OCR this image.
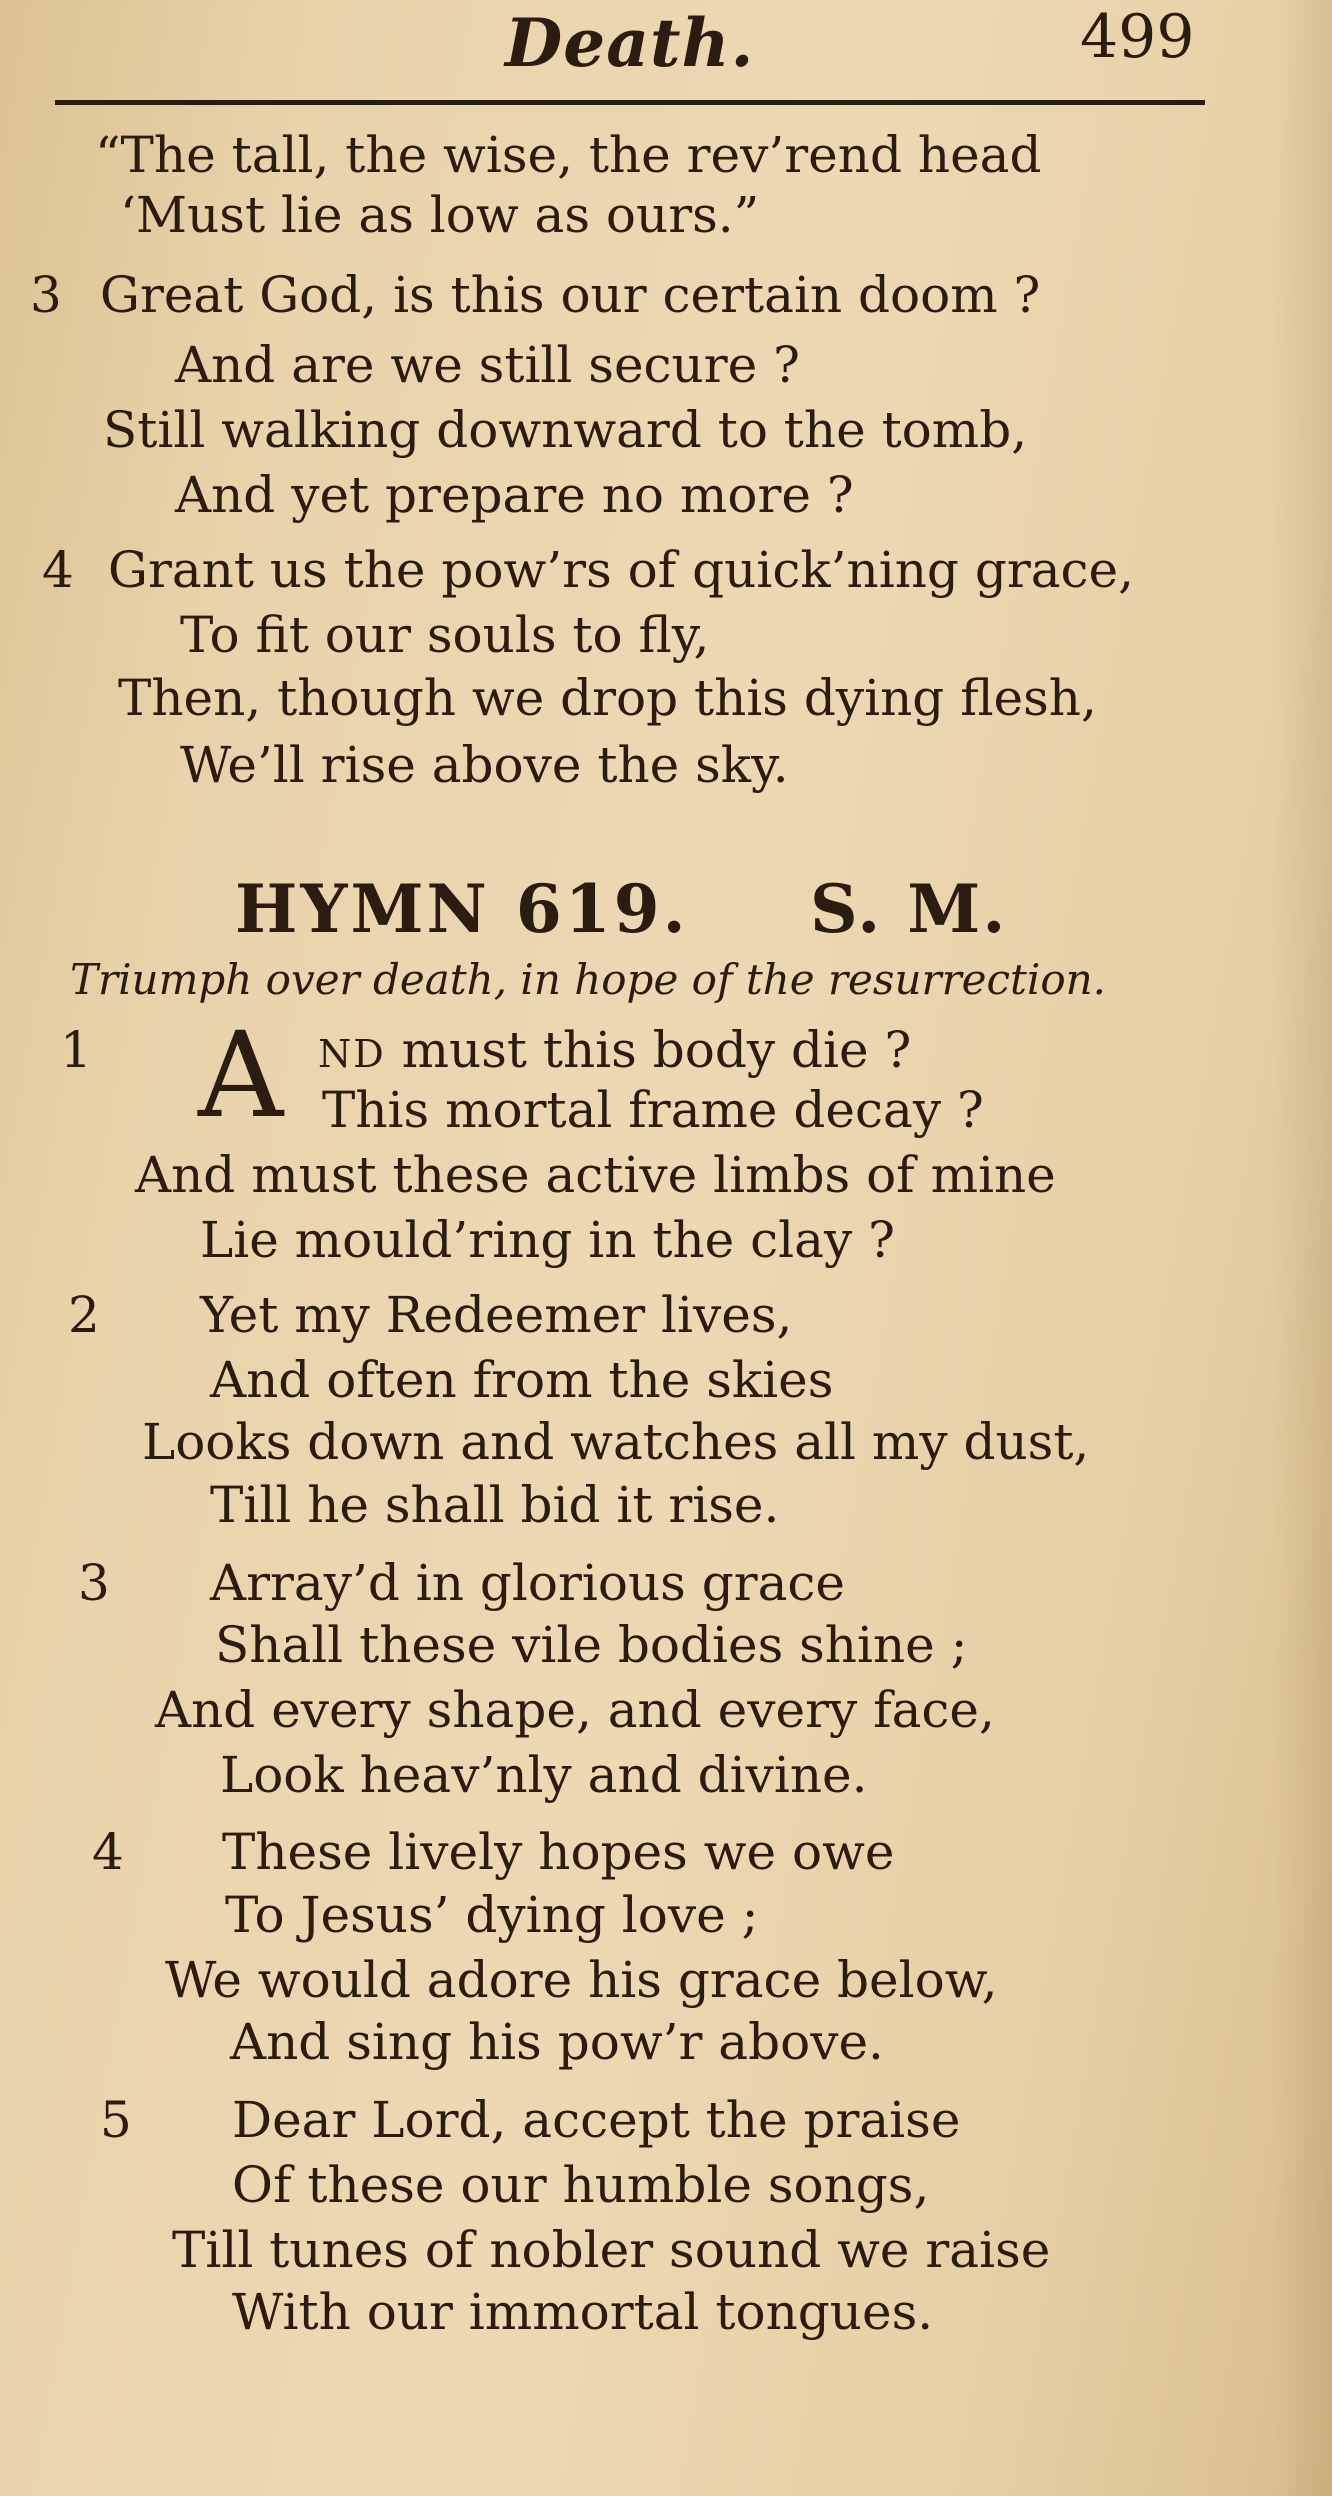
Death.	499
“The tall, the wise, the rev’rend head
‘Must lie as low as ours.”
3 Great God, is this our certain doom ?
And are we still secure ?
Still walking downward to the tomb,
And yet prepare no more ?
4 Grant us the pow’rs of quick’ning grace,
To fit our souls to fly,
Then, though we drop this dying flesh,
We’ll rise above the sky.
HYMN 619. S. M.
Triumph over death, in hope of the resurrection.
1 A ND must this body die ?
This mortal frame decay ?
And must these active limbs of mine
Lie mould’ring in the clay ?
2 Yet my Redeemer lives,
And often from the skies
Looks down and watches all my dust,
Till he shall bid it rise.
3 Array’d in glorious grace
Shall these vile bodies shine ;
And every shape, and every face,
Look heav’nly and divine.
4 These lively hopes we owe
To Jesus’ dying love ;
We would adore his grace below,
And sing his pow’r above.
5 Dear Lord, accept the praise
Of these our humble songs,
Till tunes of nobler sound we raise
With our immortal tongues.
